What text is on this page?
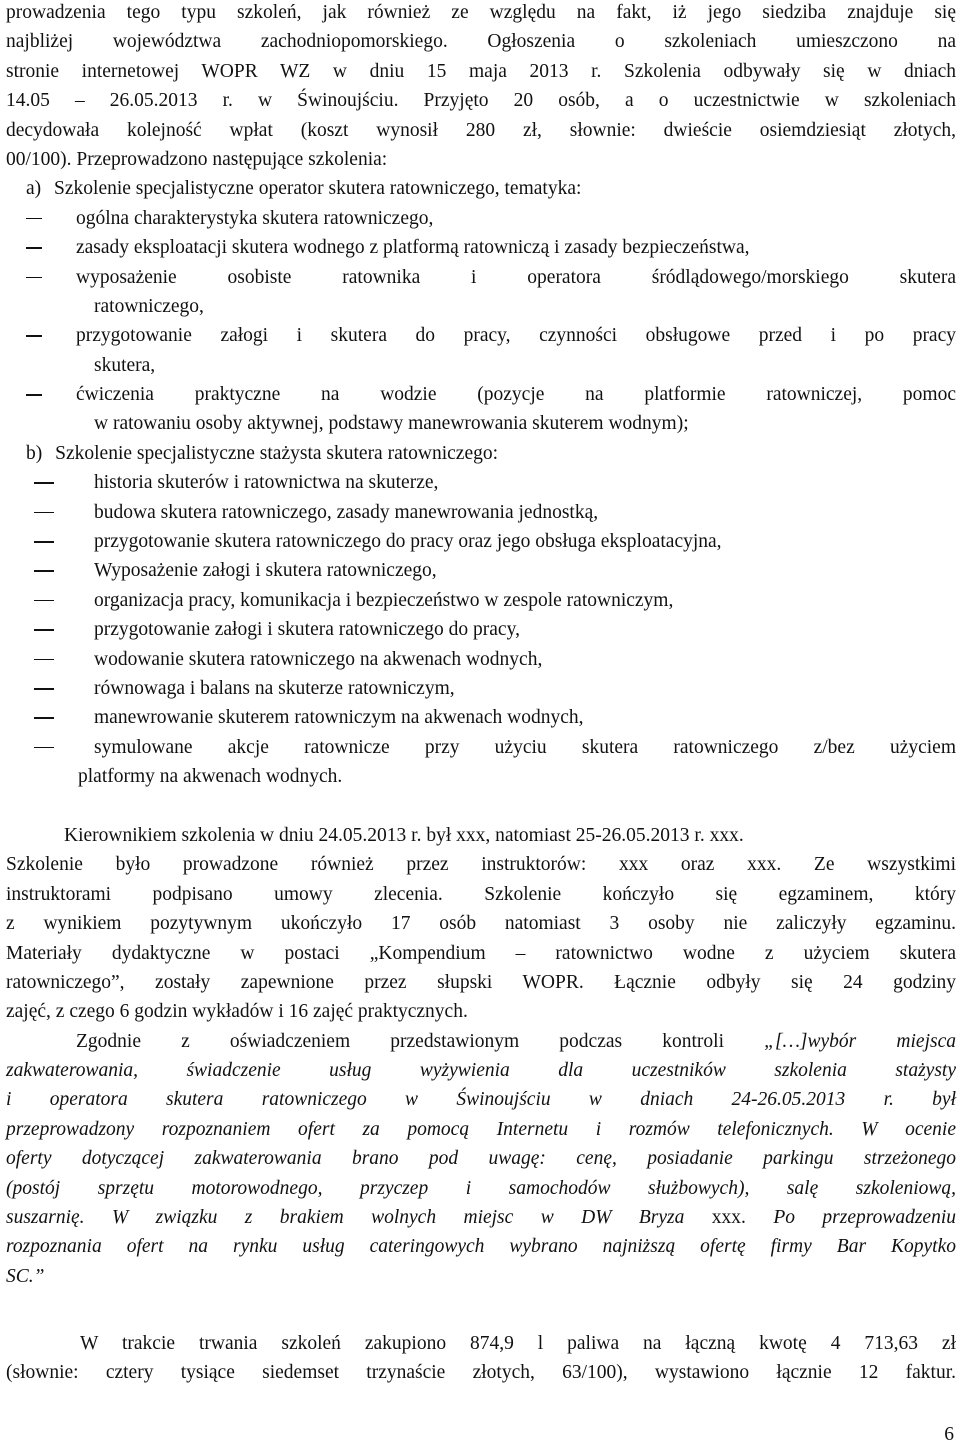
prowadzenia tego typu szkoleń, jak również ze względu na fakt, iż jego siedziba znajduje się
najbliżej województwa zachodniopomorskiego. Ogłoszenia o szkoleniach umieszczono na
stronie internetowej WOPR WZ w dniu 15 maja 2013 r. Szkolenia odbywały się w dniach
14.05 – 26.05.2013 r. w Świnoujściu. Przyjęto 20 osób, a o uczestnictwie w szkoleniach
decydowała kolejność wpłat (koszt wynosił 280 zł, słownie: dwieście osiemdziesiąt złotych,
00/100). Przeprowadzono następujące szkolenia:
a) Szkolenie specjalistyczne operator skutera ratowniczego, tematyka:
ogólna charakterystyka skutera ratowniczego,
zasady eksploatacji skutera wodnego z platformą ratowniczą i zasady bezpieczeństwa,
wyposażenie osobiste ratownika i operatora śródlądowego/morskiego skutera
ratowniczego,
przygotowanie załogi i skutera do pracy, czynności obsługowe przed i po pracy
skutera,
ćwiczenia praktyczne na wodzie (pozycje na platformie ratowniczej, pomoc
w ratowaniu osoby aktywnej, podstawy manewrowania skuterem wodnym);
b) Szkolenie specjalistyczne stażysta skutera ratowniczego:
historia skuterów i ratownictwa na skuterze,
budowa skutera ratowniczego, zasady manewrowania jednostką,
przygotowanie skutera ratowniczego do pracy oraz jego obsługa eksploatacyjna,
Wyposażenie załogi i skutera ratowniczego,
organizacja pracy, komunikacja i bezpieczeństwo w zespole ratowniczym,
przygotowanie załogi i skutera ratowniczego do pracy,
wodowanie skutera ratowniczego na akwenach wodnych,
równowaga i balans na skuterze ratowniczym,
manewrowanie skuterem ratowniczym na akwenach wodnych,
symulowane akcje ratownicze przy użyciu skutera ratowniczego z/bez użyciem
platformy na akwenach wodnych.
Kierownikiem szkolenia w dniu 24.05.2013 r. był xxx, natomiast 25-26.05.2013 r. xxx.
Szkolenie było prowadzone również przez instruktorów: xxx oraz xxx. Ze wszystkimi
instruktorami podpisano umowy zlecenia. Szkolenie kończyło się egzaminem, który
z wynikiem pozytywnym ukończyło 17 osób natomiast 3 osoby nie zaliczyły egzaminu.
Materiały dydaktyczne w postaci „Kompendium – ratownictwo wodne z użyciem skutera
ratowniczego”, zostały zapewnione przez słupski WOPR. Łącznie odbyły się 24 godziny
zajęć, z czego 6 godzin wykładów i 16 zajęć praktycznych.
Zgodnie z oświadczeniem przedstawionym podczas kontroli „[…]wybór miejsca
zakwaterowania, świadczenie usług wyżywienia dla uczestników szkolenia stażysty
i operatora skutera ratowniczego w Świnoujściu w dniach 24-26.05.2013 r. był
przeprowadzony rozpoznaniem ofert za pomocą Internetu i rozmów telefonicznych. W ocenie
oferty dotyczącej zakwaterowania brano pod uwagę: cenę, posiadanie parkingu strzeżonego
(postój sprzętu motorowodnego, przyczep i samochodów służbowych), salę szkoleniową,
suszarnię. W związku z brakiem wolnych miejsc w DW Bryza xxx. Po przeprowadzeniu
rozpoznania ofert na rynku usług cateringowych wybrano najniższą ofertę firmy Bar Kopytko
SC.”
W trakcie trwania szkoleń zakupiono 874,9 l paliwa na łączną kwotę 4 713,63 zł
(słownie: cztery tysiące siedemset trzynaście złotych, 63/100), wystawiono łącznie 12 faktur.
6
